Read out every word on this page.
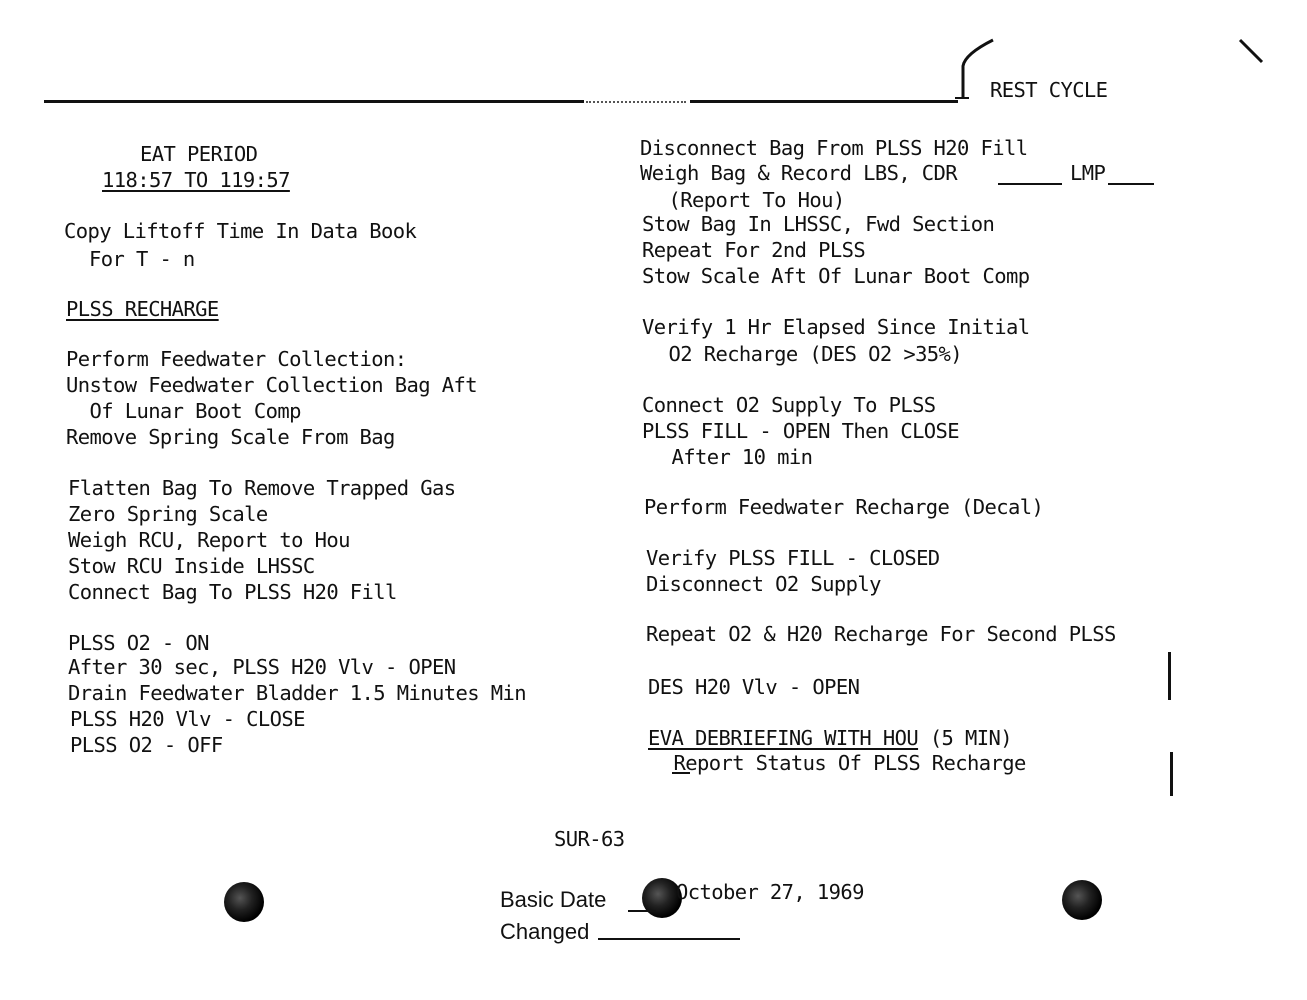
REST CYCLE
EAT PERIOD
118:57 TO 119:57
Copy Liftoff Time In Data Book
For T - n
PLSS RECHARGE
Perform Feedwater Collection:
Unstow Feedwater Collection Bag Aft
Of Lunar Boot Comp
Remove Spring Scale From Bag
Flatten Bag To Remove Trapped Gas
Zero Spring Scale
Weigh RCU, Report to Hou
Stow RCU Inside LHSSC
Connect Bag To PLSS H20 Fill
PLSS O2 - ON
After 30 sec, PLSS H20 Vlv - OPEN
Drain Feedwater Bladder 1.5 Minutes Min
PLSS H20 Vlv - CLOSE
PLSS O2 - OFF
Disconnect Bag From PLSS H20 Fill
Weigh Bag & Record LBS, CDR	LMP
(Report To Hou)
Stow Bag In LHSSC, Fwd Section
Repeat For 2nd PLSS
Stow Scale Aft Of Lunar Boot Comp
Verify 1 Hr Elapsed Since Initial
O2 Recharge (DES O2 >35%)
Connect O2 Supply To PLSS
PLSS FILL - OPEN Then CLOSE
After 10 min
Perform Feedwater Recharge (Decal)
Verify PLSS FILL - CLOSED
Disconnect O2 Supply
Repeat O2 & H20 Recharge For Second PLSS
DES H20 Vlv - OPEN
EVA DEBRIEFING WITH HOU (5 MIN)
Report Status Of PLSS Recharge
SUR-63
Basic Date	October 27, 1969
Changed
